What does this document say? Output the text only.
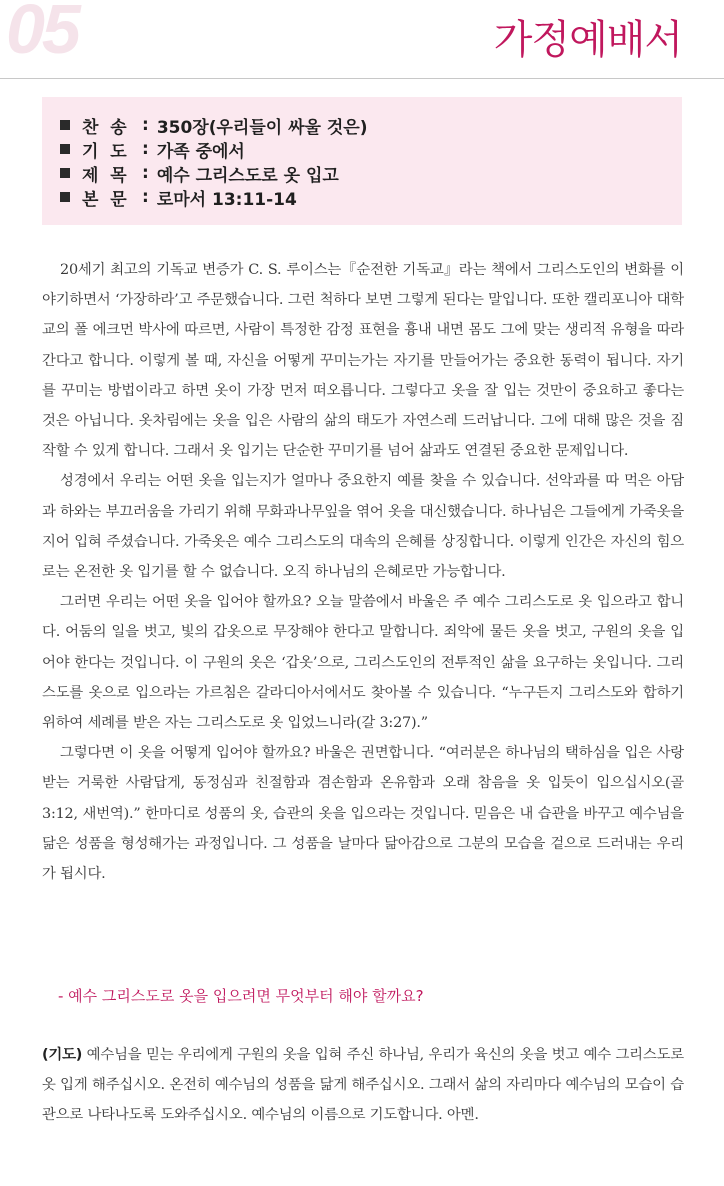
05	가정예배서
찬  송 : 350장(우리들이 싸울 것은)
기  도 : 가족 중에서
제  목 : 예수 그리스도로 옷 입고
본  문 : 로마서 13:11-14

20세기 최고의 기독교 변증가 C. S. 루이스는『순전한 기독교』라는 책에서 그리스도인의 변화를 이야기하면서 ‘가장하라’고 주문했습니다. 그런 척하다 보면 그렇게 된다는 말입니다. 또한 캘리포니아 대학교의 폴 에크먼 박사에 따르면, 사람이 특정한 감정 표현을 흉내 내면 몸도 그에 맞는 생리적 유형을 따라간다고 합니다. 이렇게 볼 때, 자신을 어떻게 꾸미는가는 자기를 만들어가는 중요한 동력이 됩니다. 자기를 꾸미는 방법이라고 하면 옷이 가장 먼저 떠오릅니다. 그렇다고 옷을 잘 입는 것만이 중요하고 좋다는 것은 아닙니다. 옷차림에는 옷을 입은 사람의 삶의 태도가 자연스레 드러납니다. 그에 대해 많은 것을 짐작할 수 있게 합니다. 그래서 옷 입기는 단순한 꾸미기를 넘어 삶과도 연결된 중요한 문제입니다.

성경에서 우리는 어떤 옷을 입는지가 얼마나 중요한지 예를 찾을 수 있습니다. 선악과를 따 먹은 아담과 하와는 부끄러움을 가리기 위해 무화과나무잎을 엮어 옷을 대신했습니다. 하나님은 그들에게 가죽옷을 지어 입혀 주셨습니다. 가죽옷은 예수 그리스도의 대속의 은혜를 상징합니다. 이렇게 인간은 자신의 힘으로는 온전한 옷 입기를 할 수 없습니다. 오직 하나님의 은혜로만 가능합니다.

그러면 우리는 어떤 옷을 입어야 할까요? 오늘 말씀에서 바울은 주 예수 그리스도로 옷 입으라고 합니다. 어둠의 일을 벗고, 빛의 갑옷으로 무장해야 한다고 말합니다. 죄악에 물든 옷을 벗고, 구원의 옷을 입어야 한다는 것입니다. 이 구원의 옷은 ‘갑옷’으로, 그리스도인의 전투적인 삶을 요구하는 옷입니다. 그리스도를 옷으로 입으라는 가르침은 갈라디아서에서도 찾아볼 수 있습니다. “누구든지 그리스도와 합하기 위하여 세례를 받은 자는 그리스도로 옷 입었느니라(갈 3:27).”

그렇다면 이 옷을 어떻게 입어야 할까요? 바울은 권면합니다. “여러분은 하나님의 택하심을 입은 사랑 받는 거룩한 사람답게, 동정심과 친절함과 겸손함과 온유함과 오래 참음을 옷 입듯이 입으십시오(골 3:12, 새번역).” 한마디로 성품의 옷, 습관의 옷을 입으라는 것입니다. 믿음은 내 습관을 바꾸고 예수님을 닮은 성품을 형성해가는 과정입니다. 그 성품을 날마다 닮아감으로 그분의 모습을 겉으로 드러내는 우리가 됩시다.

- 예수 그리스도로 옷을 입으려면 무엇부터 해야 할까요?

(기도) 예수님을 믿는 우리에게 구원의 옷을 입혀 주신 하나님, 우리가 육신의 옷을 벗고 예수 그리스도로 옷 입게 해주십시오. 온전히 예수님의 성품을 닮게 해주십시오. 그래서 삶의 자리마다 예수님의 모습이 습관으로 나타나도록 도와주십시오. 예수님의 이름으로 기도합니다. 아멘.
